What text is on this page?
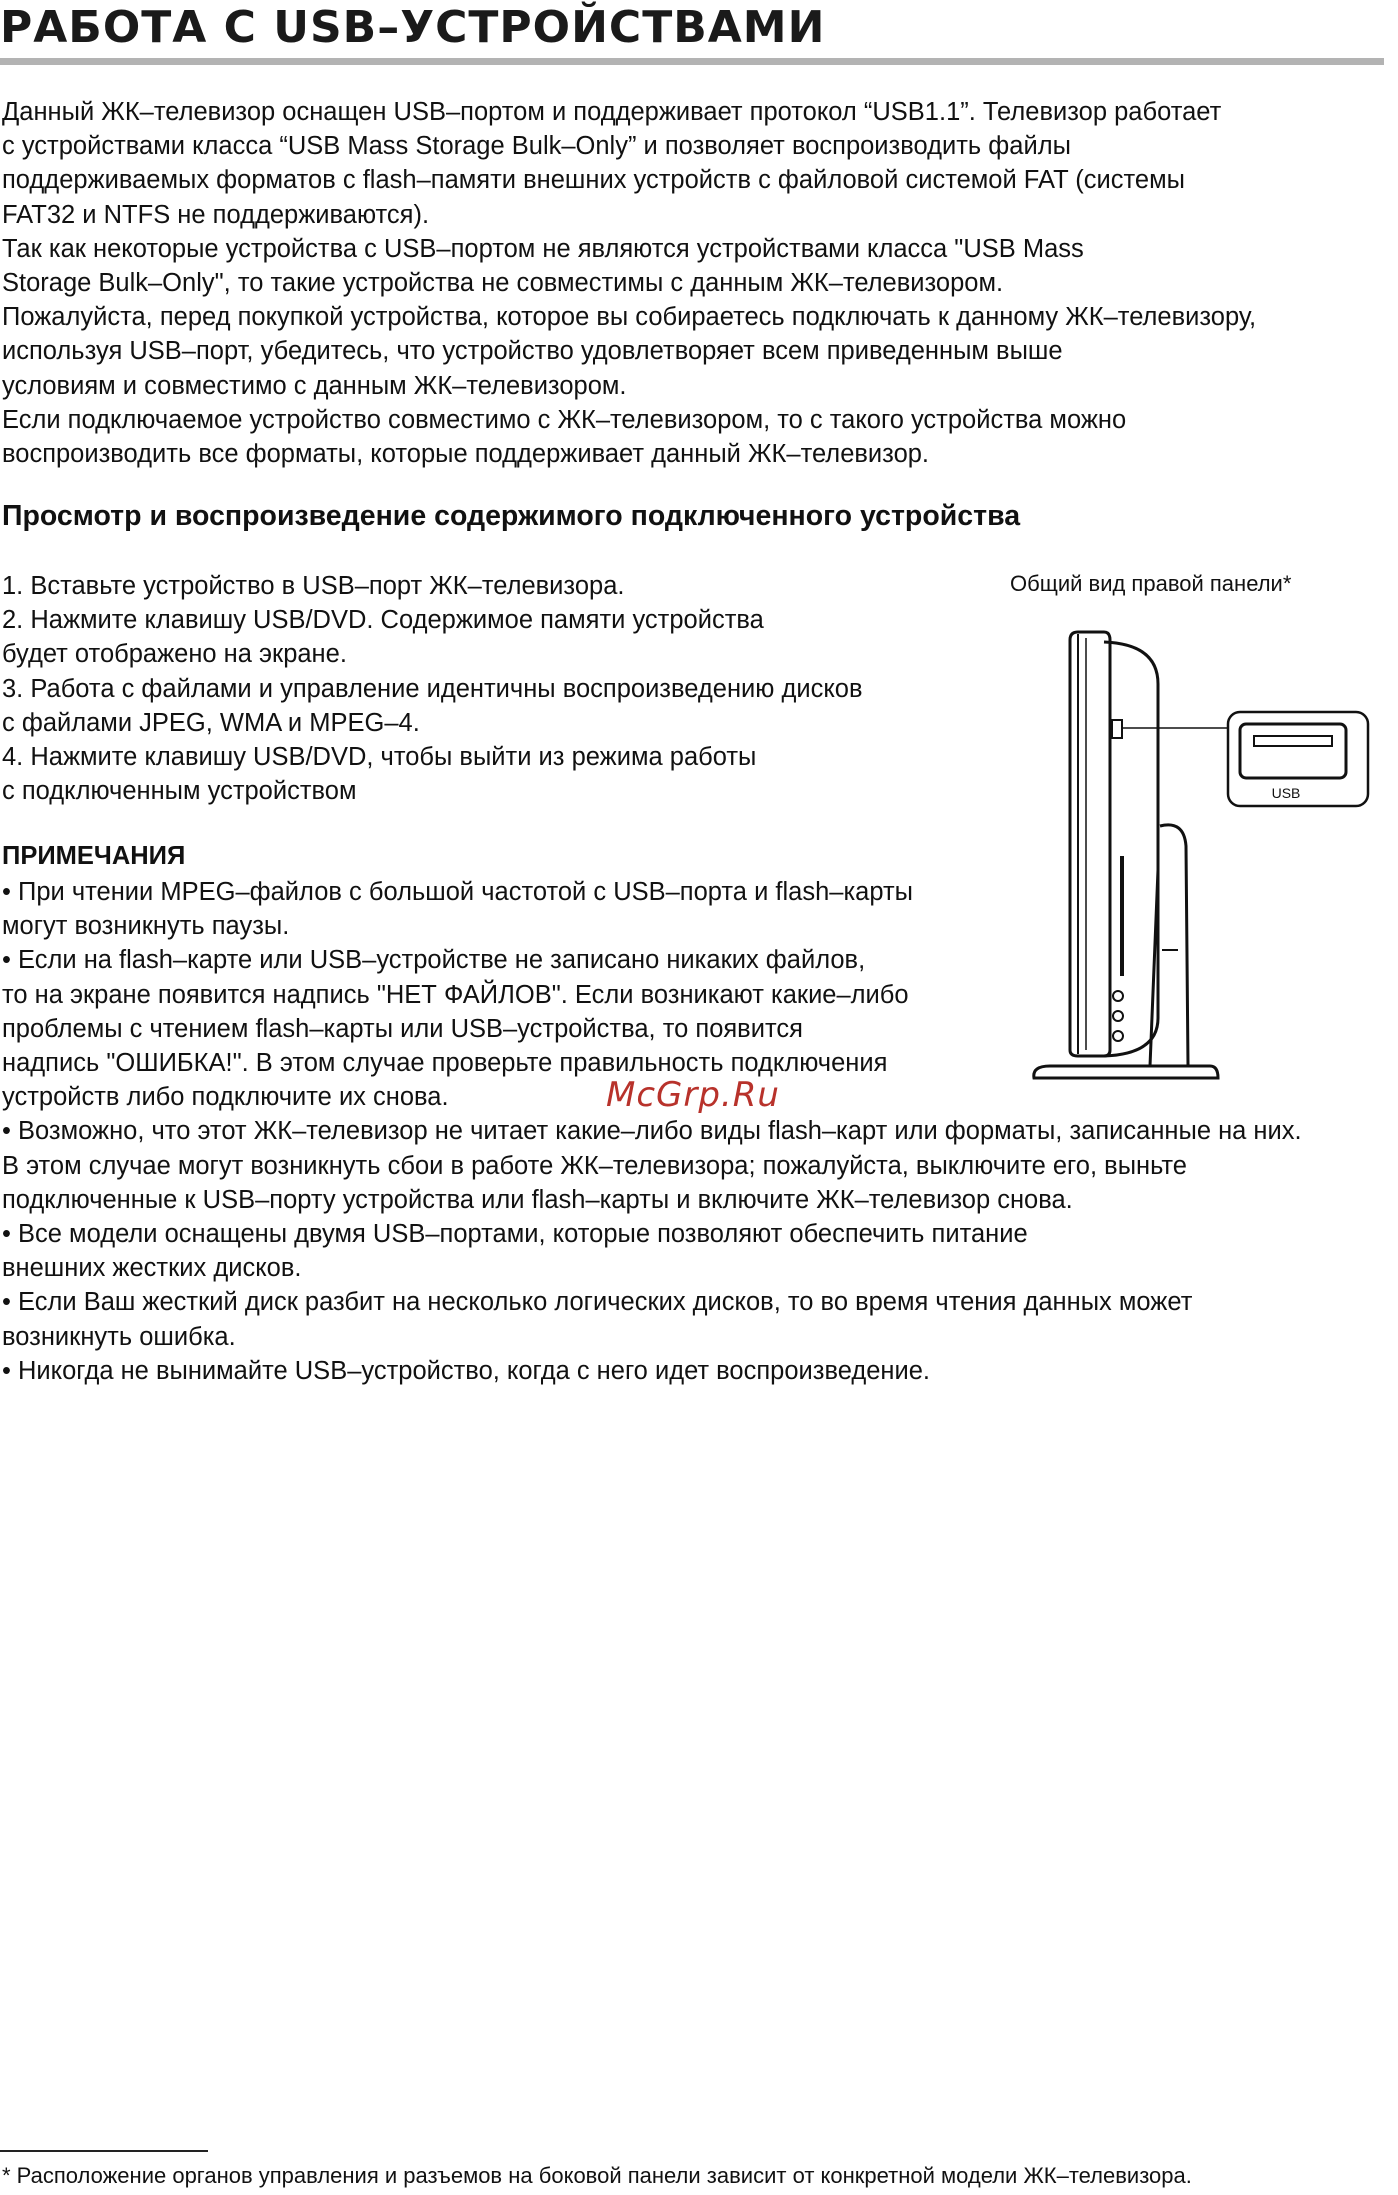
РАБОТА С USB–УСТРОЙСТВАМИ

Данный ЖК–телевизор оснащен USB–портом и поддерживает протокол “USB1.1”. Телевизор работает
с устройствами класса “USB Mass Storage Bulk–Only” и позволяет воспроизводить файлы
поддерживаемых форматов с flash–памяти внешних устройств с файловой системой FAT (системы
FAT32 и NTFS не поддерживаются).
Так как некоторые устройства с USB–портом не являются устройствами класса "USB Mass
Storage Bulk–Only", то такие устройства не совместимы с данным ЖК–телевизором.
Пожалуйста, перед покупкой устройства, которое вы собираетесь подключать к данному ЖК–телевизору,
используя USB–порт, убедитесь, что устройство удовлетворяет всем приведенным выше
условиям и совместимо с данным ЖК–телевизором.
Если подключаемое устройство совместимо с ЖК–телевизором, то с такого устройства можно
воспроизводить все форматы, которые поддерживает данный ЖК–телевизор.

Просмотр и воспроизведение содержимого подключенного устройства

1. Вставьте устройство в USB–порт ЖК–телевизора.
2. Нажмите клавишу USB/DVD. Содержимое памяти устройства
будет отображено на экране.
3. Работа с файлами и управление идентичны воспроизведению дисков
с файлами JPEG, WMA и MPEG–4.
4. Нажмите клавишу USB/DVD, чтобы выйти из режима работы
с подключенным устройством

Общий вид правой панели*

USB
ПРИМЕЧАНИЯ

• При чтении MPEG–файлов с большой частотой с USB–порта и flash–карты
могут возникнуть паузы.
• Если на flash–карте или USB–устройстве не записано никаких файлов,
то на экране появится надпись "НЕТ ФАЙЛОВ". Если возникают какие–либо
проблемы с чтением flash–карты или USB–устройства, то появится
надпись "ОШИБКА!". В этом случае проверьте правильность подключения
устройств либо подключите их снова.
• Возможно, что этот ЖК–телевизор не читает какие–либо виды flash–карт или форматы, записанные на них.
В этом случае могут возникнуть сбои в работе ЖК–телевизора; пожалуйста, выключите его, выньте
подключенные к USB–порту устройства или flash–карты и включите ЖК–телевизор снова.
• Все модели оснащены двумя USB–портами, которые позволяют обеспечить питание
внешних жестких дисков.
• Если Ваш жесткий диск разбит на несколько логических дисков, то во время чтения данных может
возникнуть ошибка.
• Никогда не вынимайте USB–устройство, когда с него идет воспроизведение.

McGrp.Ru

* Расположение органов управления и разъемов на боковой панели зависит от конкретной модели ЖК–телевизора.
